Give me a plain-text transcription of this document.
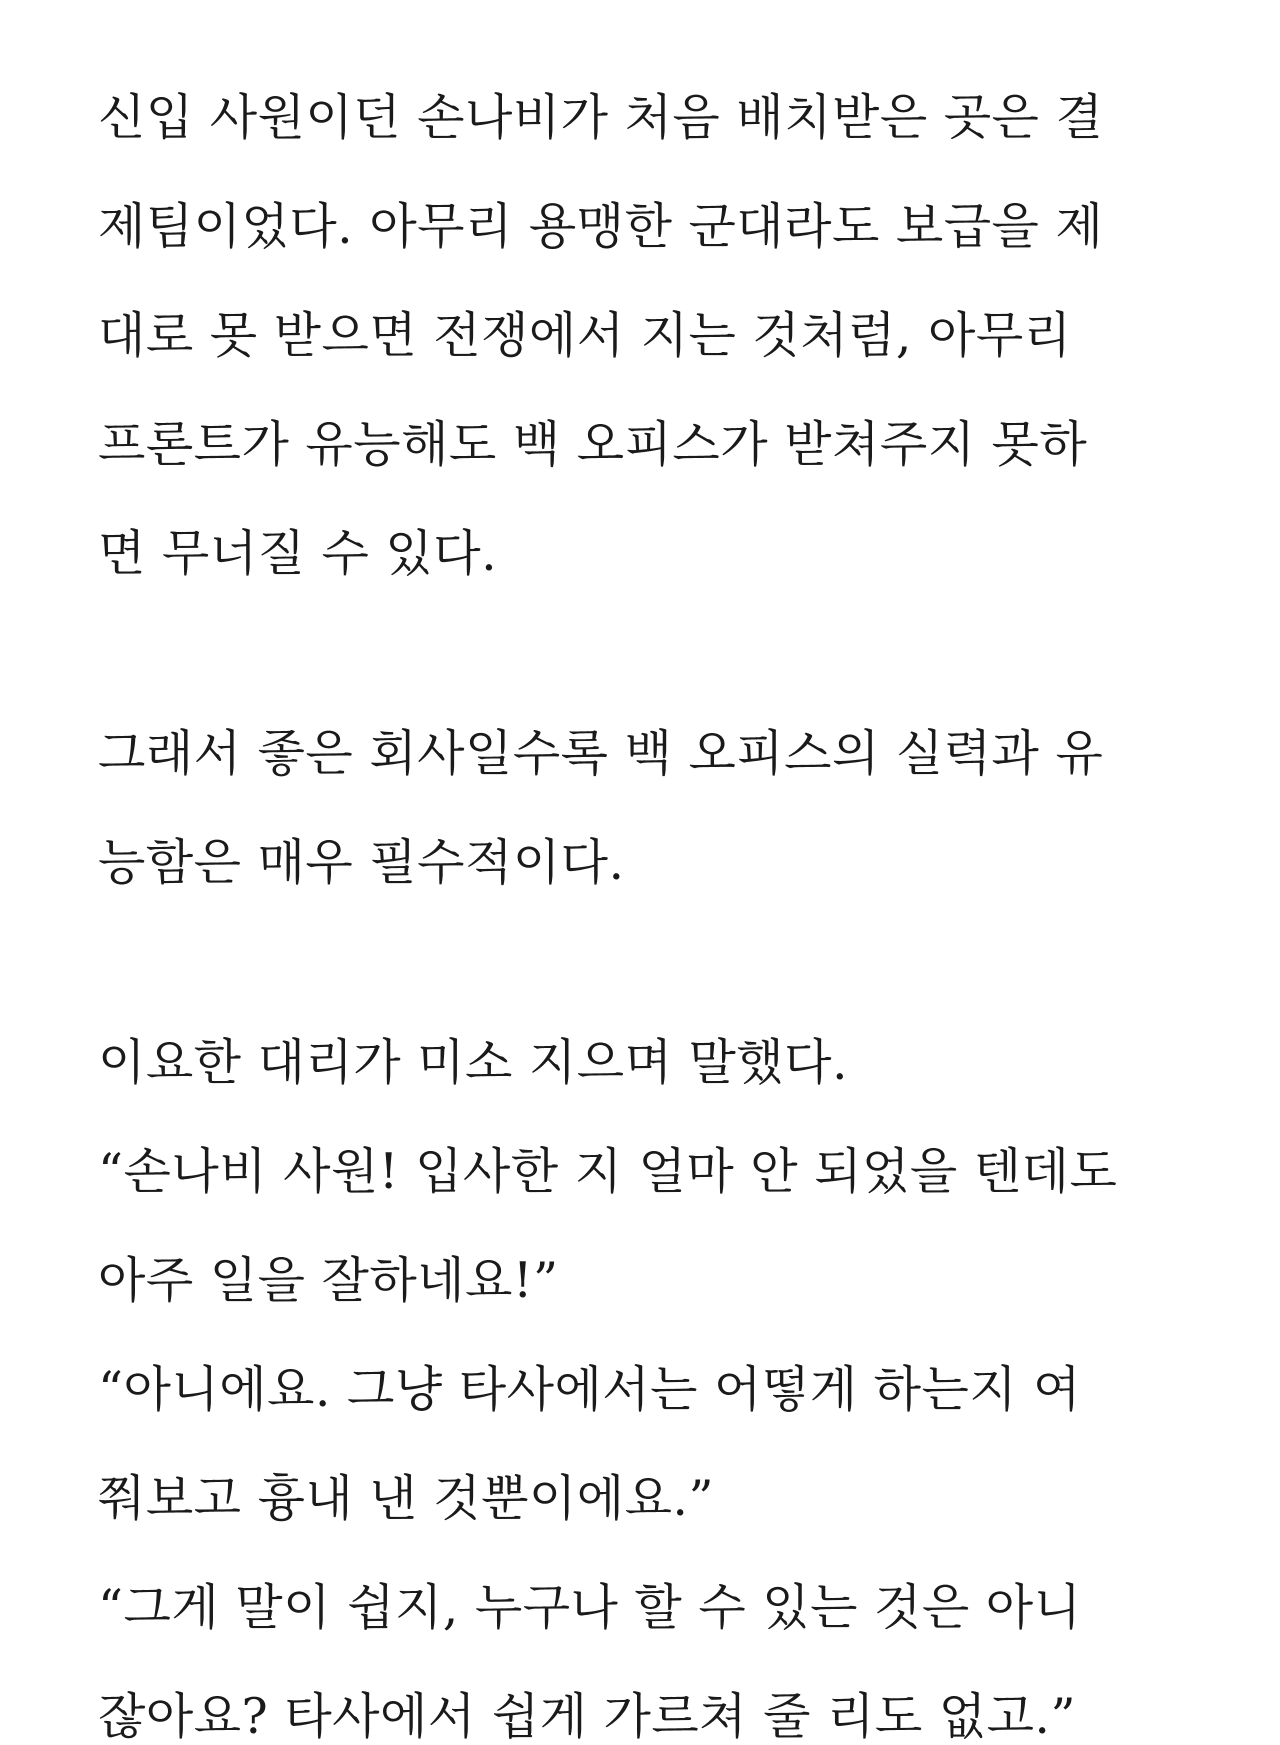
신입 사원이던 손나비가 처음 배치받은 곳은 결
제팀이었다. 아무리 용맹한 군대라도 보급을 제
대로 못 받으면 전쟁에서 지는 것처럼, 아무리
프론트가 유능해도 백 오피스가 받쳐주지 못하
면 무너질 수 있다.
그래서 좋은 회사일수록 백 오피스의 실력과 유
능함은 매우 필수적이다.
이요한 대리가 미소 지으며 말했다.
“손나비 사원! 입사한 지 얼마 안 되었을 텐데도
아주 일을 잘하네요!”
“아니에요. 그냥 타사에서는 어떻게 하는지 여
쭤보고 흉내 낸 것뿐이에요.”
“그게 말이 쉽지, 누구나 할 수 있는 것은 아니
잖아요? 타사에서 쉽게 가르쳐 줄 리도 없고.”
